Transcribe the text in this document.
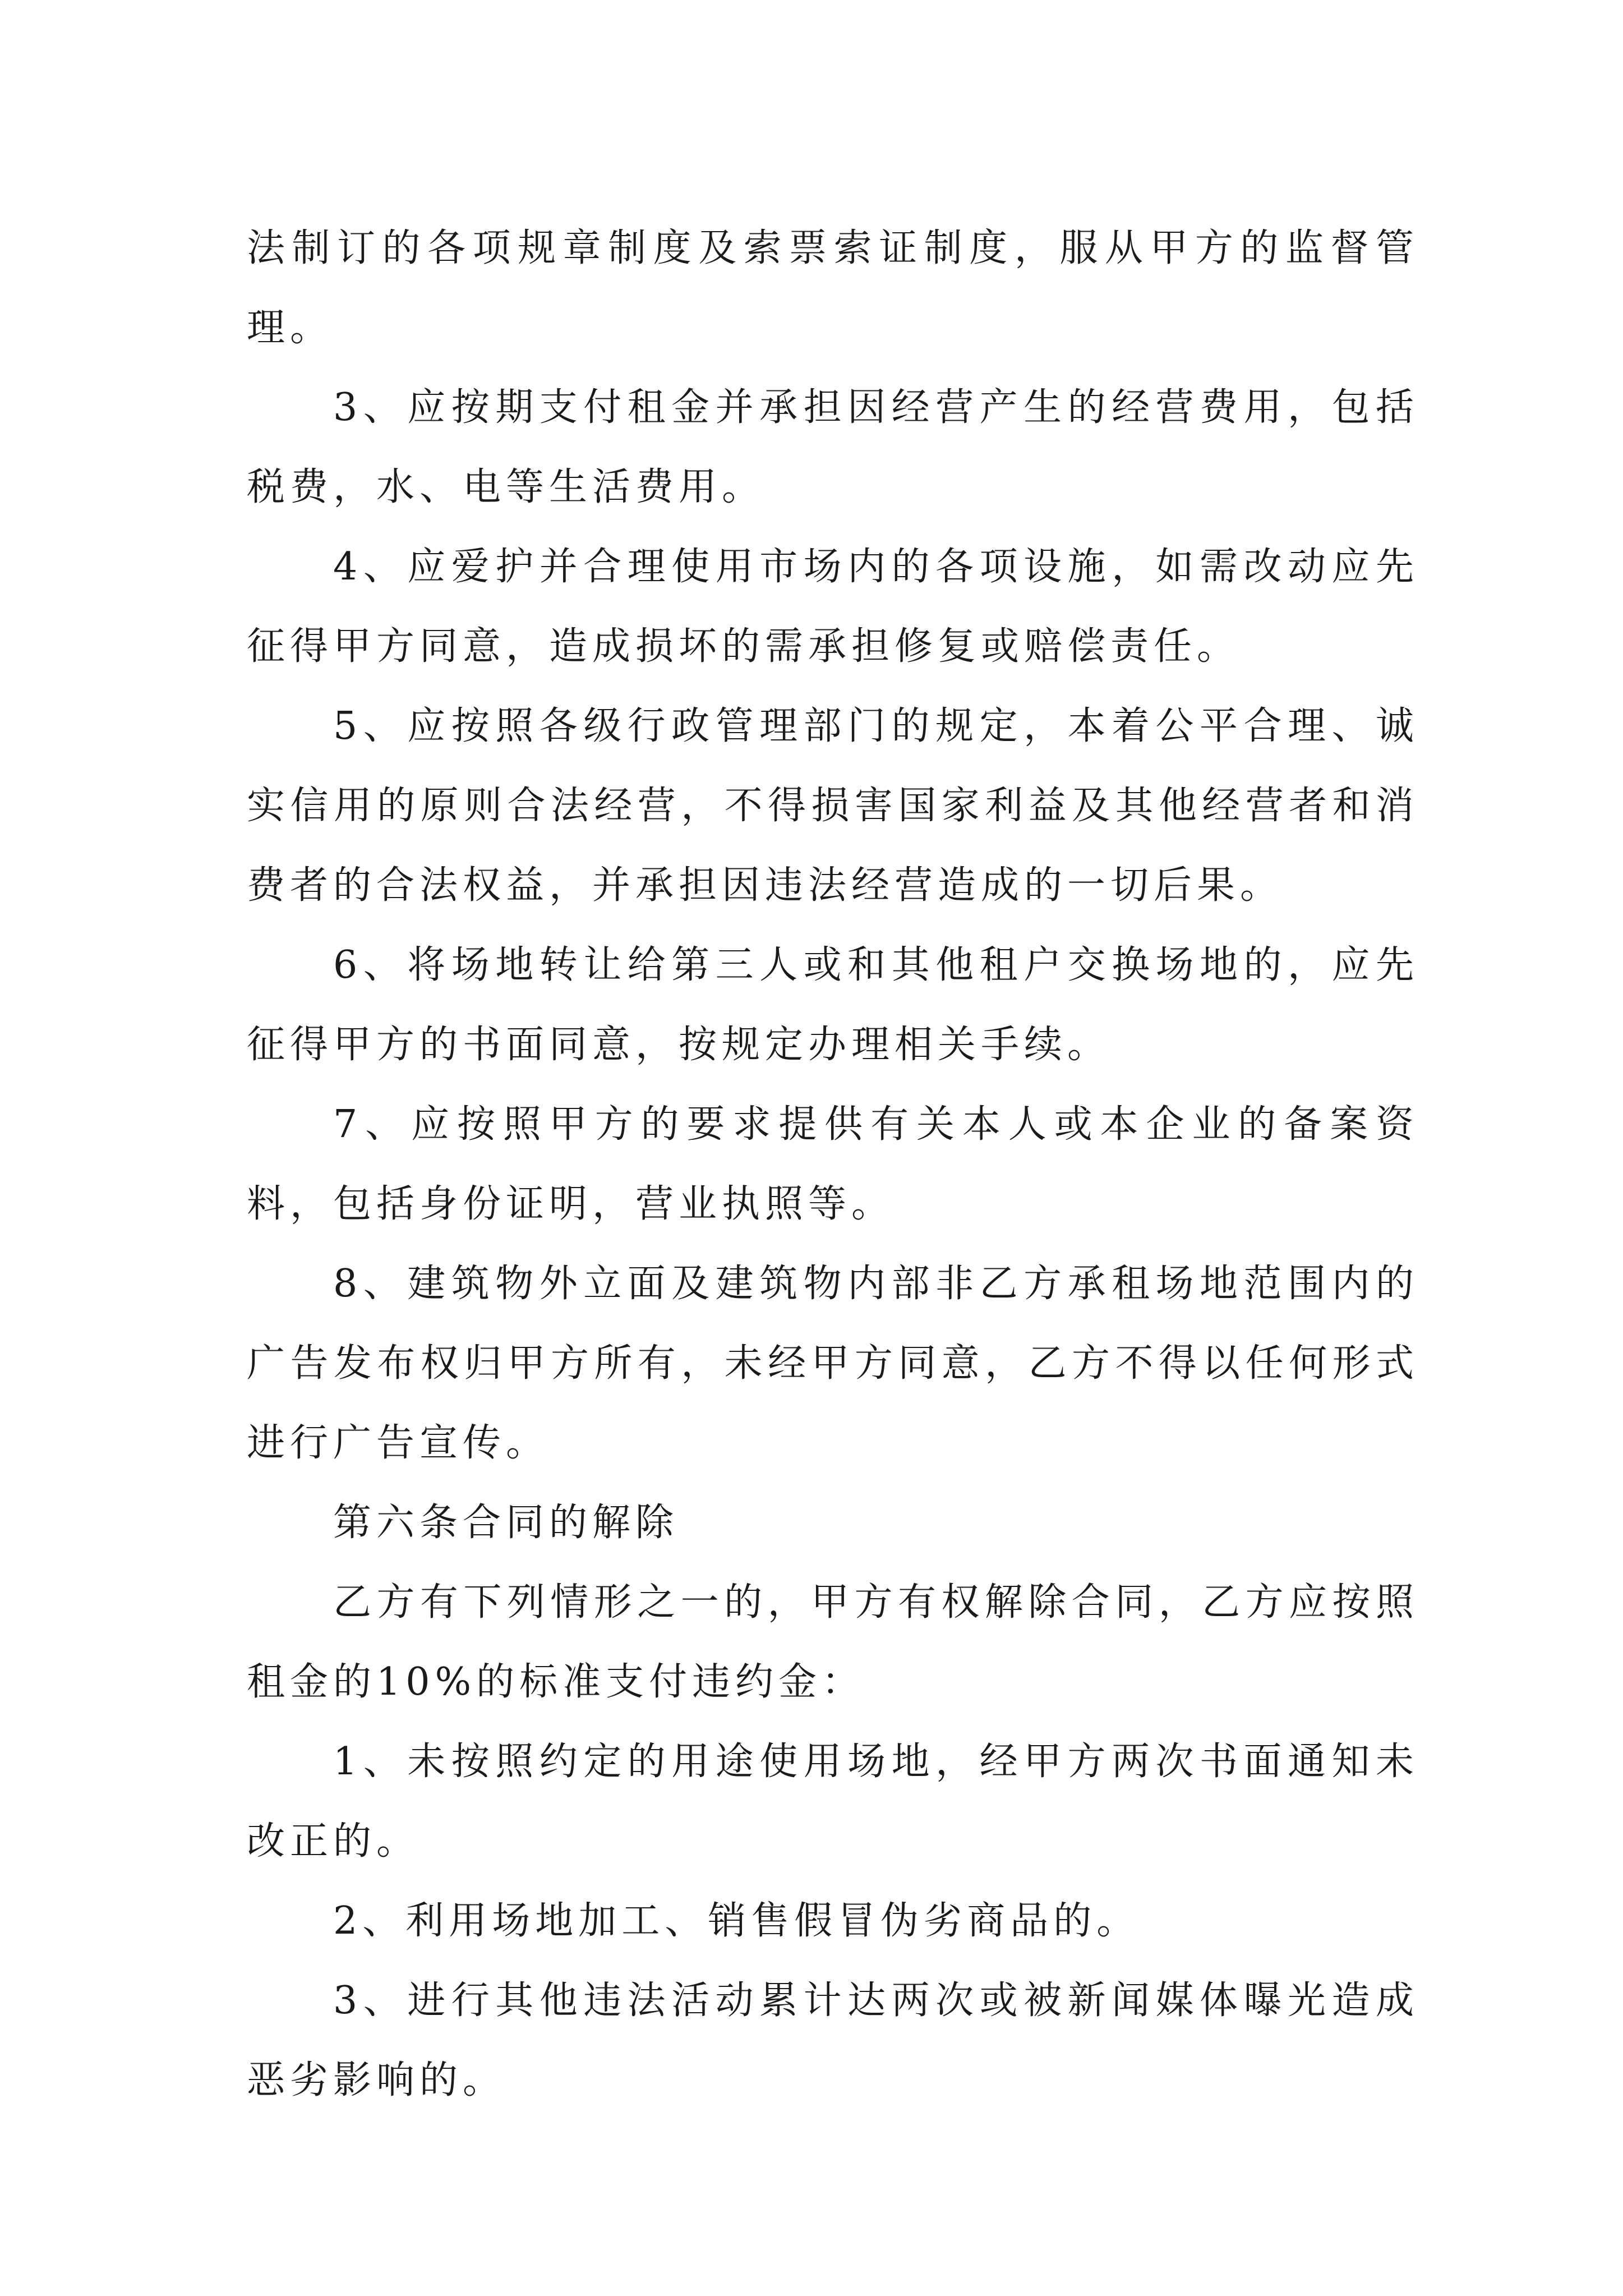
法制订的各项规章制度及索票索证制度，服从甲方的监督管理。

3、应按期支付租金并承担因经营产生的经营费用，包括税费，水、电等生活费用。

4、应爱护并合理使用市场内的各项设施，如需改动应先征得甲方同意，造成损坏的需承担修复或赔偿责任。

5、应按照各级行政管理部门的规定，本着公平合理、诚实信用的原则合法经营，不得损害国家利益及其他经营者和消费者的合法权益，并承担因违法经营造成的一切后果。

6、将场地转让给第三人或和其他租户交换场地的，应先征得甲方的书面同意，按规定办理相关手续。

7、应按照甲方的要求提供有关本人或本企业的备案资料，包括身份证明，营业执照等。

8、建筑物外立面及建筑物内部非乙方承租场地范围内的广告发布权归甲方所有，未经甲方同意，乙方不得以任何形式进行广告宣传。

第六条合同的解除

乙方有下列情形之一的，甲方有权解除合同，乙方应按照租金的10%的标准支付违约金：

1、未按照约定的用途使用场地，经甲方两次书面通知未改正的。

2、利用场地加工、销售假冒伪劣商品的。

3、进行其他违法活动累计达两次或被新闻媒体曝光造成恶劣影响的。
